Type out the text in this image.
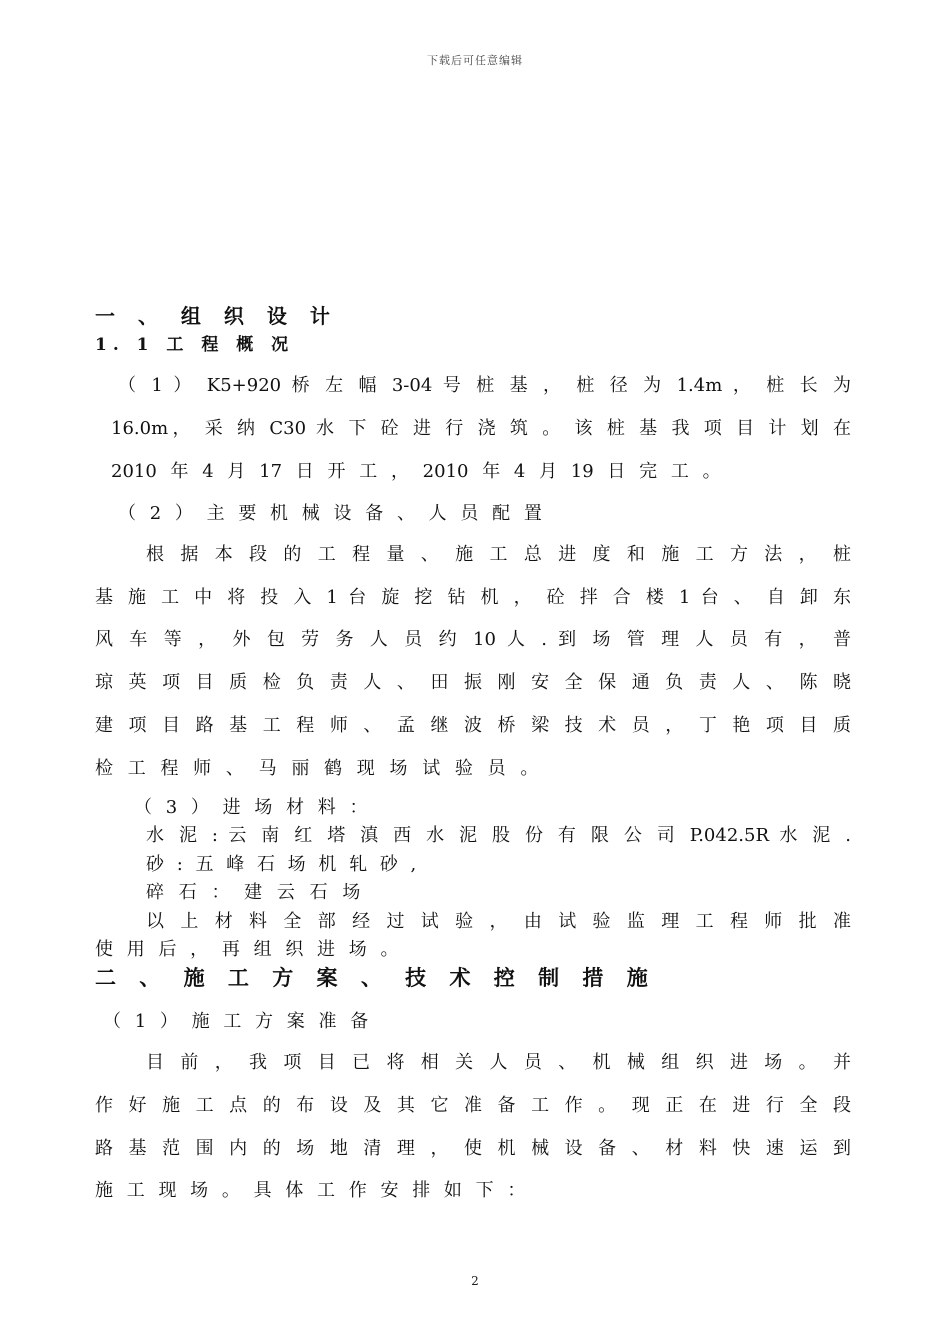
下载后可任意编辑
一 、 组 织 设 计
1. 1 工 程 概 况
（ 1 ） K5+920 桥 左 幅 3-04 号 桩 基 ， 桩 径 为 1.4m ， 桩 长 为
16.0m， 采 纳 C30 水 下 砼 进 行 浇 筑 。 该 桩 基 我 项 目 计 划 在
2010 年 4 月 17 日 开 工 ， 2010 年 4 月 19 日 完 工 。
（ 2 ） 主 要 机 械 设 备 、 人 员 配 置
根 据 本 段 的 工 程 量 、 施 工 总 进 度 和 施 工 方 法 ， 桩
基 施 工 中 将 投 入 1 台 旋 挖 钻 机 ， 砼 拌 合 楼 1 台 、 自 卸 东
风 车 等 ， 外 包 劳 务 人 员 约 10 人 . 到 场 管 理 人 员 有 ， 普
琼 英 项 目 质 检 负 责 人 、 田 振 刚 安 全 保 通 负 责 人 、 陈 晓
建 项 目 路 基 工 程 师 、 孟 继 波 桥 梁 技 术 员 ， 丁 艳 项 目 质
检 工 程 师 、 马 丽 鹤 现 场 试 验 员 。
（ 3 ） 进 场 材 料 ：
水 泥 : 云 南 红 塔 滇 西 水 泥 股 份 有 限 公 司 P.042.5R 水 泥 .
砂 : 五 峰 石 场 机 轧 砂 ,
碎 石 ： 建 云 石 场
以 上 材 料 全 部 经 过 试 验 ， 由 试 验 监 理 工 程 师 批 准
使 用 后 ， 再 组 织 进 场 。
二 、 施 工 方 案 、 技 术 控 制 措 施
（ 1 ） 施 工 方 案 准 备
目 前 ， 我 项 目 已 将 相 关 人 员 、 机 械 组 织 进 场 。 并
作 好 施 工 点 的 布 设 及 其 它 准 备 工 作 。 现 正 在 进 行 全 段
路 基 范 围 内 的 场 地 清 理 ， 使 机 械 设 备 、 材 料 快 速 运 到
施 工 现 场 。 具 体 工 作 安 排 如 下 ：
2
